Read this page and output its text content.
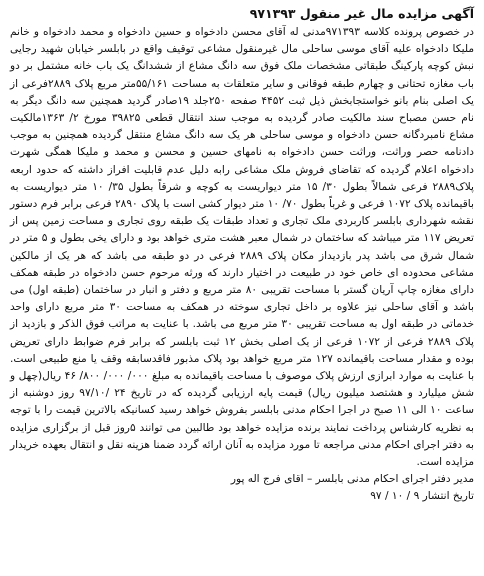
آگهی مزایده مال غیر منقول ۹۷۱۳۹۳

در خصوص پرونده کلاسه ۹۷۱۳۹۳مدنی له آقای محسن دادخواه و حسین دادخواه و محمد دادخواه و خانم ملیکا دادخواه علیه آقای موسی ساحلی مال غیرمنقول مشاعی توقیف واقع در بابلسر خیابان شهید رجایی نبش کوچه پارکینگ طبقاتی مشخصات ملک فوق سه دانگ مشاع از ششدانگ یک باب خانه مشتمل بر دو باب مغازه تحتانی و چهارم طبقه فوقانی و سایر متعلقات به مساحت ۵۵/۱۶۱متر مربع پلاک ۲۸۸۹فرعی از یک اصلی بنام بانو خواستجابخش ذیل ثبت ۴۴۵۲ صفحه ۲۵۰جلد ۱۹صادر گردید همچنین سه دانگ دیگر به نام حسن مصباح سند مالکیت صادر گردیده به موجب سند انتقال قطعی ۳۹۸۲۵ مورخ ۲/ ۱۳۶۳مالکیت مشاع نامبردگانه حسن دادخواه و موسی ساحلی هر یک سه دانگ مشاع منتقل گردیده همچنین به موجب دادنامه حصر وراثت، وراثت حسن دادخواه به نامهای حسین و محسن و محمد و ملیکا همگی شهرت دادخواه اعلام گردیده که تقاضای فروش ملک مشاعی رابه دلیل عدم قابلیت افراز داشته که حدود اربعه پلاک۲۸۸۹ فرعی شمالاً بطول ۳۰/ ۱۵ متر دیواریست به کوچه و شرقاً بطول ۳۵/ ۱۰ متر دیواریست به باقیمانده پلاک ۱۰۷۲ فرعی و غرباً بطول ۷۰/ ۱۰ متر دیوار کشی است با پلاک ۲۸۹۰ فرعی برابر فرم دستور نقشه شهرداری بابلسر کاربردی ملک تجاری و تعداد طبقات یک طبقه روی تجاری و مساحت زمین پس از تعریض ۱۱۷ متر میباشد که ساختمان در شمال معبر هشت متری خواهد بود و دارای یخی بطول و ۵ متر در شمال شرق می باشد پدر بازدیداز مکان پلاک ۲۸۸۹ فرعی در دو طبقه می باشد که هر یک از مالکین مشاعی محدوده ای خاص خود در طبیعت در اختیار دارند که ورثه مرحوم حسن دادخواه در طبقه همکف دارای مغازه چاپ آریان گستر با مساحت تقریبی ۸۰ متر مربع و دفتر و انبار در ساختمان (طبقه اول) می باشد و آقای ساحلی نیز علاوه بر داخل تجاری سوخته در همکف به مساحت ۳۰ متر مربع دارای واحد خدماتی در طبقه اول به مساحت تقریبی ۳۰ متر مربع می باشد. با عنایت به مراتب فوق الذکر و بازدید از پلاک ۲۸۸۹ فرعی از ۱۰۷۲ فرعی از یک اصلی بخش ۱۲ ثبت بابلسر که برابر فرم ضوابط دارای تعریض بوده و مقدار مساحت باقیمانده ۱۲۷ متر مربع خواهد بود پلاک مذبور فاقدسابقه وقف یا منع طبیعی است. با عنایت به موارد ابرازی ارزش پلاک موصوف با مساحت باقیمانده به مبلغ ۰۰۰/ ۰۰۰/ ۸۰۰/ ۴۶ ریال(چهل و شش میلیارد و هشتصد میلیون ریال) قیمت پایه ارزیابی گردیده که در تاریخ ۲۴ /۹۷/۱۰ روز دوشنبه از ساعت ۱۰ الی ۱۱ صبح در اجرا احکام مدنی بابلسر بفروش خواهد رسید کسانیکه بالاترین قیمت را با توجه به نظریه کارشناس پرداخت نمایند برنده مزایده خواهد بود طالبین می توانند ۵روز قبل از برگزاری مزایده به دفتر اجرای احکام مدنی مراجعه تا مورد مزایده به آنان ارائه گردد ضمنا هزینه نقل و انتقال بعهده خریدار مزایده است.

مدیر دفتر اجرای احکام مدنی بابلسر – اقای فرج اله پور

تاریخ انتشار ۹ / ۱۰ / ۹۷
